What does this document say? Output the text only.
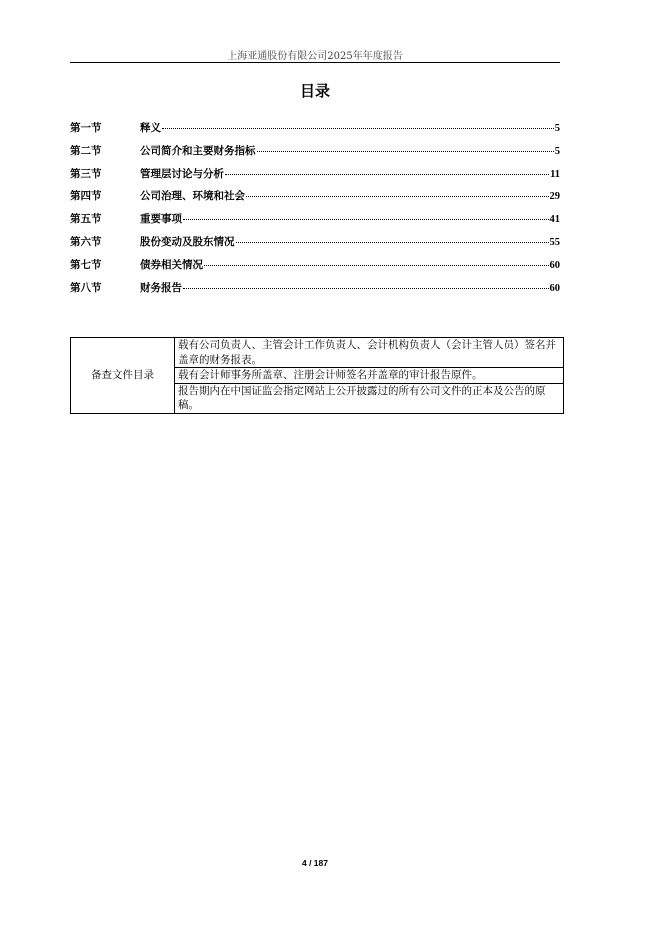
上海亚通股份有限公司2025年年度报告
目录
第一节	释义	5
第二节	公司简介和主要财务指标	5
第三节	管理层讨论与分析	11
第四节	公司治理、环境和社会	29
第五节	重要事项	41
第六节	股份变动及股东情况	55
第七节	债券相关情况	60
第八节	财务报告	60
备查文件目录	载有公司负责人、主管会计工作负责人、会计机构负责人（会计主管人员）签名并盖章的财务报表。
载有会计师事务所盖章、注册会计师签名并盖章的审计报告原件。
报告期内在中国证监会指定网站上公开披露过的所有公司文件的正本及公告的原稿。
4 / 187
